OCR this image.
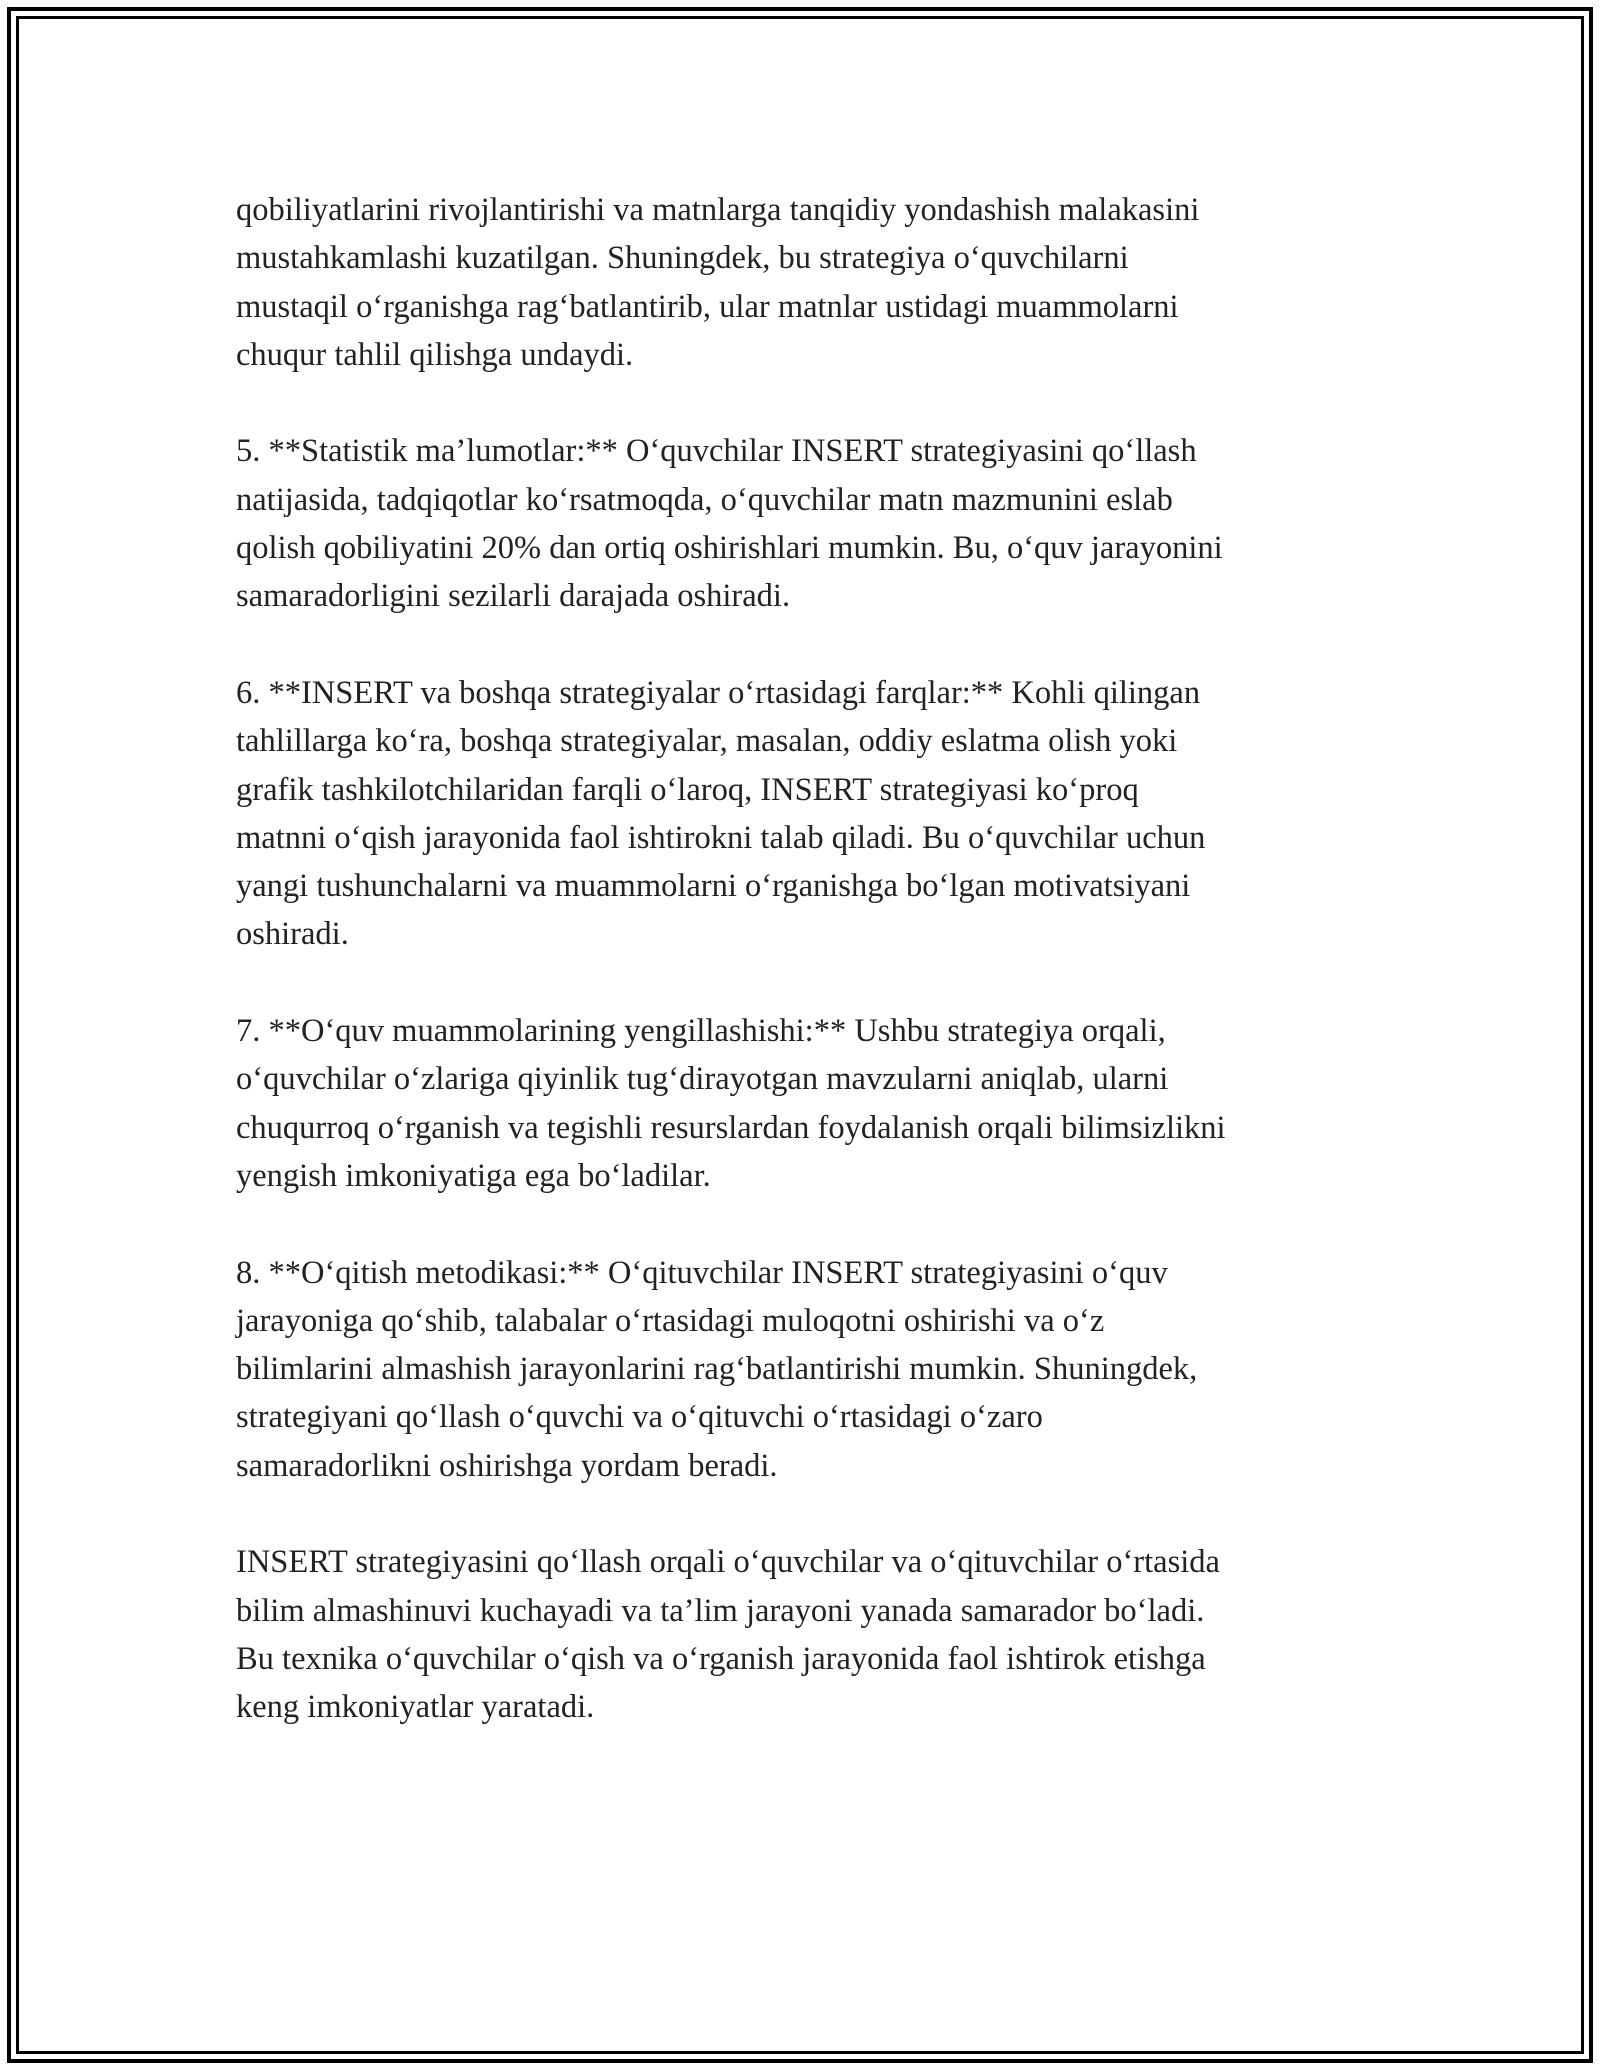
qobiliyatlarini rivojlantirishi va matnlarga tanqidiy yondashish malakasini
mustahkamlashi kuzatilgan. Shuningdek, bu strategiya o‘quvchilarni
mustaqil o‘rganishga rag‘batlantirib, ular matnlar ustidagi muammolarni
chuqur tahlil qilishga undaydi.

5. **Statistik ma’lumotlar:** O‘quvchilar INSERT strategiyasini qo‘llash
natijasida, tadqiqotlar ko‘rsatmoqda, o‘quvchilar matn mazmunini eslab
qolish qobiliyatini 20% dan ortiq oshirishlari mumkin. Bu, o‘quv jarayonini
samaradorligini sezilarli darajada oshiradi.

6. **INSERT va boshqa strategiyalar o‘rtasidagi farqlar:** Kohli qilingan
tahlillarga ko‘ra, boshqa strategiyalar, masalan, oddiy eslatma olish yoki
grafik tashkilotchilaridan farqli o‘laroq, INSERT strategiyasi ko‘proq
matnni o‘qish jarayonida faol ishtirokni talab qiladi. Bu o‘quvchilar uchun
yangi tushunchalarni va muammolarni o‘rganishga bo‘lgan motivatsiyani
oshiradi.

7. **O‘quv muammolarining yengillashishi:** Ushbu strategiya orqali,
o‘quvchilar o‘zlariga qiyinlik tug‘dirayotgan mavzularni aniqlab, ularni
chuqurroq o‘rganish va tegishli resurslardan foydalanish orqali bilimsizlikni
yengish imkoniyatiga ega bo‘ladilar.

8. **O‘qitish metodikasi:** O‘qituvchilar INSERT strategiyasini o‘quv
jarayoniga qo‘shib, talabalar o‘rtasidagi muloqotni oshirishi va o‘z
bilimlarini almashish jarayonlarini rag‘batlantirishi mumkin. Shuningdek,
strategiyani qo‘llash o‘quvchi va o‘qituvchi o‘rtasidagi o‘zaro
samaradorlikni oshirishga yordam beradi.

INSERT strategiyasini qo‘llash orqali o‘quvchilar va o‘qituvchilar o‘rtasida
bilim almashinuvi kuchayadi va ta’lim jarayoni yanada samarador bo‘ladi.
Bu texnika o‘quvchilar o‘qish va o‘rganish jarayonida faol ishtirok etishga
keng imkoniyatlar yaratadi.
